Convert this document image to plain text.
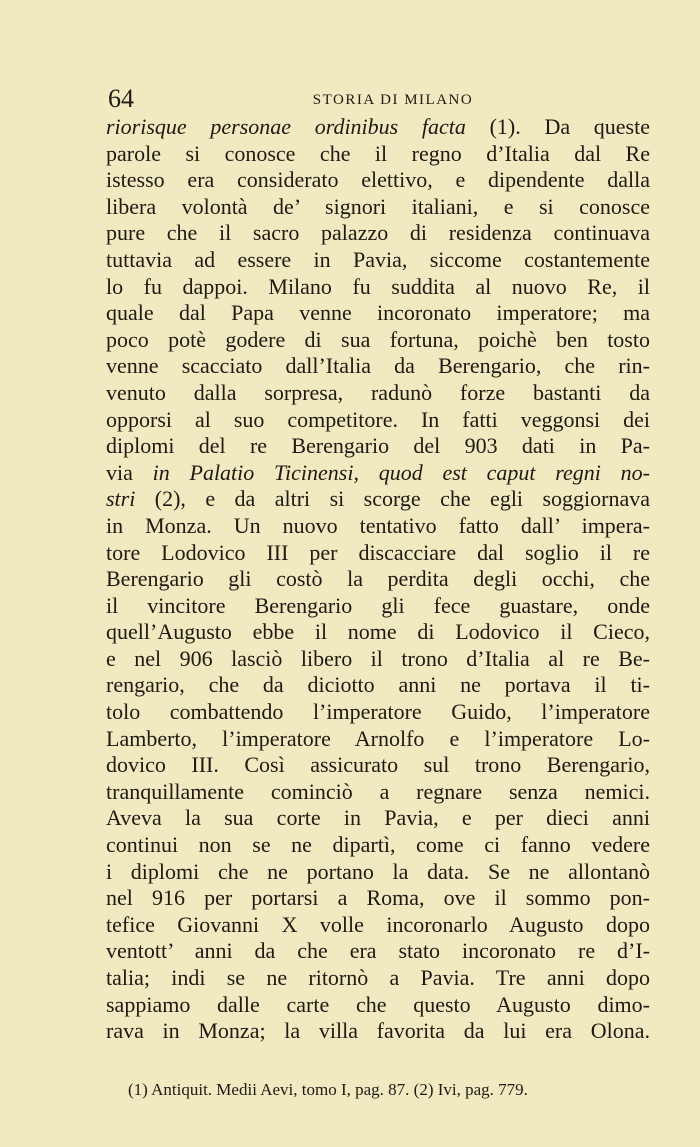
64	STORIA DI MILANO
riorisque personae ordinibus facta (1). Da queste
parole si conosce che il regno d’Italia dal Re
istesso era considerato elettivo, e dipendente dalla
libera volontà de’ signori italiani, e si conosce
pure che il sacro palazzo di residenza continuava
tuttavia ad essere in Pavia, siccome costantemente
lo fu dappoi. Milano fu suddita al nuovo Re, il
quale dal Papa venne incoronato imperatore; ma
poco potè godere di sua fortuna, poichè ben tosto
venne scacciato dall’Italia da Berengario, che rin-
venuto dalla sorpresa, radunò forze bastanti da
opporsi al suo competitore. In fatti veggonsi dei
diplomi del re Berengario del 903 dati in Pa-
via in Palatio Ticinensi, quod est caput regni no-
stri (2), e da altri si scorge che egli soggiornava
in Monza. Un nuovo tentativo fatto dall’ impera-
tore Lodovico III per discacciare dal soglio il re
Berengario gli costò la perdita degli occhi, che
il vincitore Berengario gli fece guastare, onde
quell’Augusto ebbe il nome di Lodovico il Cieco,
e nel 906 lasciò libero il trono d’Italia al re Be-
rengario, che da diciotto anni ne portava il ti-
tolo combattendo l’imperatore Guido, l’imperatore
Lamberto, l’imperatore Arnolfo e l’imperatore Lo-
dovico III. Così assicurato sul trono Berengario,
tranquillamente cominciò a regnare senza nemici.
Aveva la sua corte in Pavia, e per dieci anni
continui non se ne dipartì, come ci fanno vedere
i diplomi che ne portano la data. Se ne allontanò
nel 916 per portarsi a Roma, ove il sommo pon-
tefice Giovanni X volle incoronarlo Augusto dopo
ventott’ anni da che era stato incoronato re d’I-
talia; indi se ne ritornò a Pavia. Tre anni dopo
sappiamo dalle carte che questo Augusto dimo-
rava in Monza; la villa favorita da lui era Olona.
(1) Antiquit. Medii Aevi, tomo I, pag. 87. (2) Ivi, pag. 779.
